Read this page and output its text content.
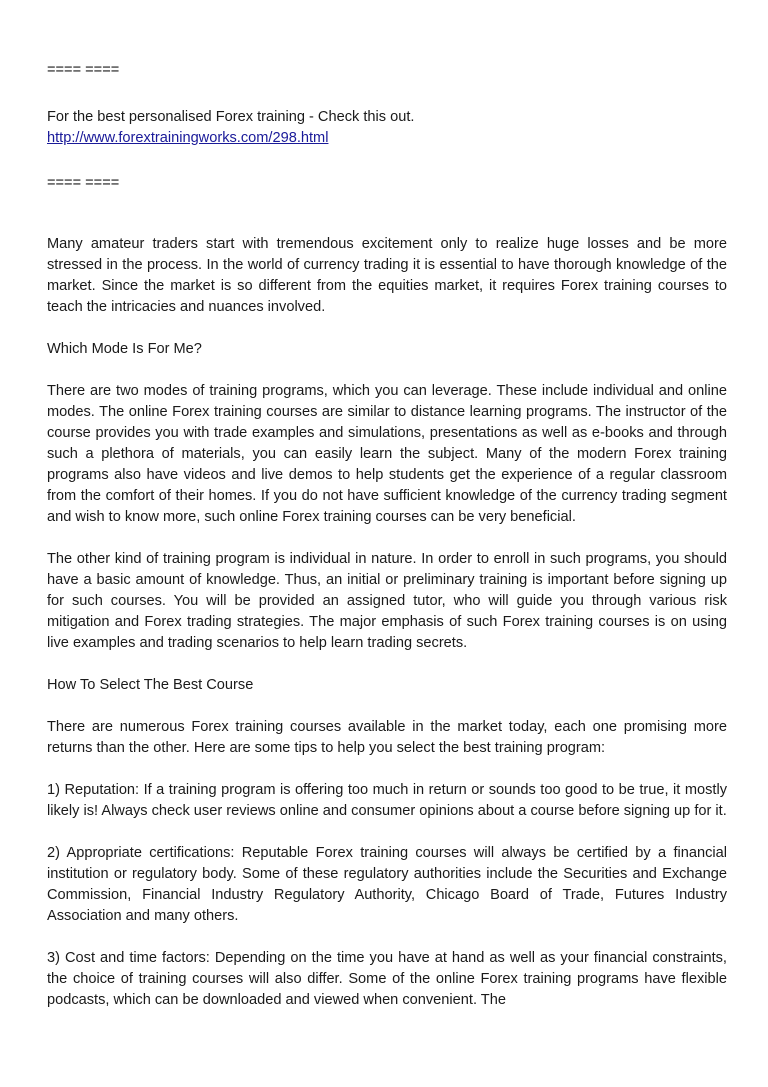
==== ====

For the best personalised Forex training - Check this out.

http://www.forextrainingworks.com/298.html

==== ====

Many amateur traders start with tremendous excitement only to realize huge losses and be more stressed in the process. In the world of currency trading it is essential to have thorough knowledge of the market. Since the market is so different from the equities market, it requires Forex training courses to teach the intricacies and nuances involved.

Which Mode Is For Me?

There are two modes of training programs, which you can leverage. These include individual and online modes. The online Forex training courses are similar to distance learning programs. The instructor of the course provides you with trade examples and simulations, presentations as well as e-books and through such a plethora of materials, you can easily learn the subject. Many of the modern Forex training programs also have videos and live demos to help students get the experience of a regular classroom from the comfort of their homes. If you do not have sufficient knowledge of the currency trading segment and wish to know more, such online Forex training courses can be very beneficial.

The other kind of training program is individual in nature. In order to enroll in such programs, you should have a basic amount of knowledge. Thus, an initial or preliminary training is important before signing up for such courses. You will be provided an assigned tutor, who will guide you through various risk mitigation and Forex trading strategies. The major emphasis of such Forex training courses is on using live examples and trading scenarios to help learn trading secrets.

How To Select The Best Course

There are numerous Forex training courses available in the market today, each one promising more returns than the other. Here are some tips to help you select the best training program:

1) Reputation: If a training program is offering too much in return or sounds too good to be true, it mostly likely is! Always check user reviews online and consumer opinions about a course before signing up for it.

2) Appropriate certifications: Reputable Forex training courses will always be certified by a financial institution or regulatory body. Some of these regulatory authorities include the Securities and Exchange Commission, Financial Industry Regulatory Authority, Chicago Board of Trade, Futures Industry Association and many others.

3) Cost and time factors: Depending on the time you have at hand as well as your financial constraints, the choice of training courses will also differ. Some of the online Forex training programs have flexible podcasts, which can be downloaded and viewed when convenient. The
